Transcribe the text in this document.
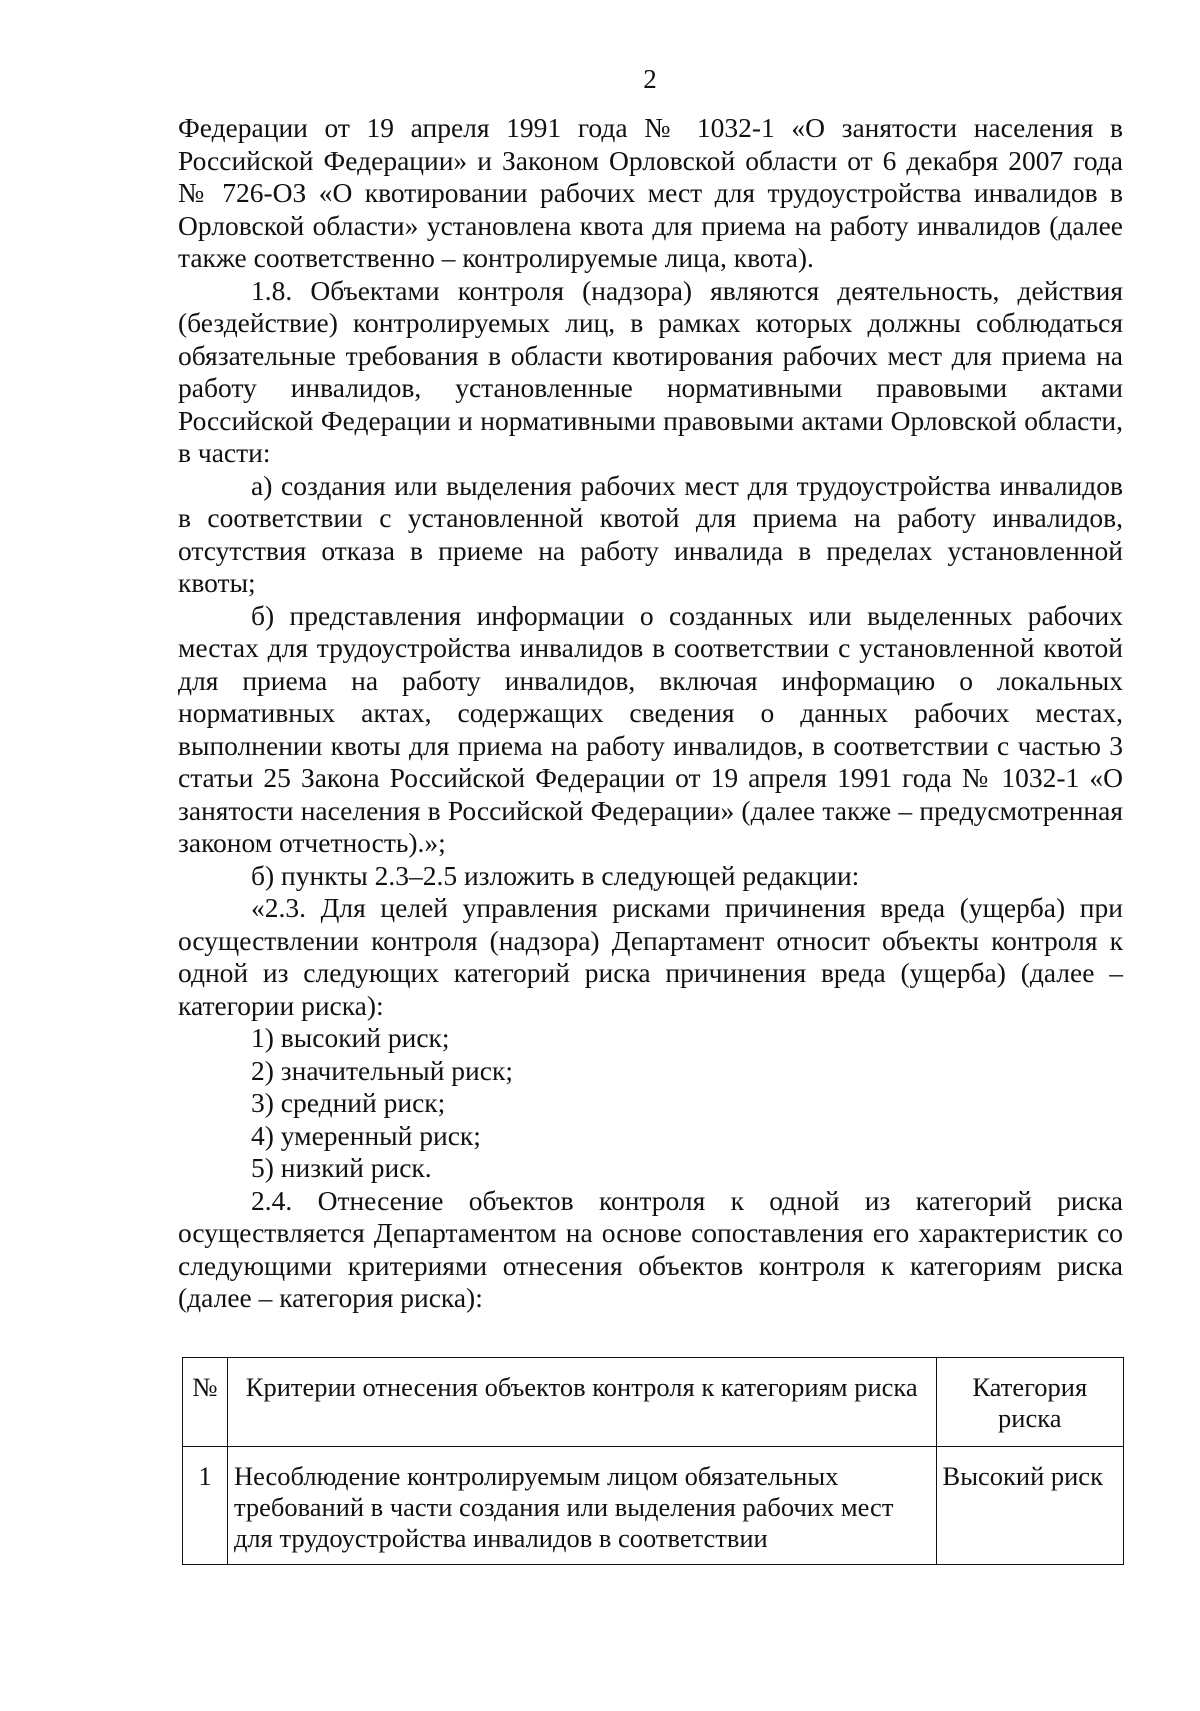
2

Федерации от 19 апреля 1991 года № 1032-1 «О занятости населения в Российской Федерации» и Законом Орловской области от 6 декабря 2007 года № 726-ОЗ «О квотировании рабочих мест для трудоустройства инвалидов в Орловской области» установлена квота для приема на работу инвалидов (далее также соответственно – контролируемые лица, квота).

1.8. Объектами контроля (надзора) являются деятельность, действия (бездействие) контролируемых лиц, в рамках которых должны соблюдаться обязательные требования в области квотирования рабочих мест для приема на работу инвалидов, установленные нормативными правовыми актами Российской Федерации и нормативными правовыми актами Орловской области, в части:

а) создания или выделения рабочих мест для трудоустройства инвалидов в соответствии с установленной квотой для приема на работу инвалидов, отсутствия отказа в приеме на работу инвалида в пределах установленной квоты;

б) представления информации о созданных или выделенных рабочих местах для трудоустройства инвалидов в соответствии с установленной квотой для приема на работу инвалидов, включая информацию о локальных нормативных актах, содержащих сведения о данных рабочих местах, выполнении квоты для приема на работу инвалидов, в соответствии с частью 3 статьи 25 Закона Российской Федерации от 19 апреля 1991 года № 1032-1 «О занятости населения в Российской Федерации» (далее также – предусмотренная законом отчетность).»;

б) пункты 2.3–2.5 изложить в следующей редакции:

«2.3. Для целей управления рисками причинения вреда (ущерба) при осуществлении контроля (надзора) Департамент относит объекты контроля к одной из следующих категорий риска причинения вреда (ущерба) (далее – категории риска):

1) высокий риск;

2) значительный риск;

3) средний риск;

4) умеренный риск;

5) низкий риск.

2.4. Отнесение объектов контроля к одной из категорий риска осуществляется Департаментом на основе сопоставления его характеристик со следующими критериями отнесения объектов контроля к категориям риска (далее – категория риска):

№	Критерии отнесения объектов контроля к категориям риска	Категория риска
1	Несоблюдение контролируемым лицом обязательных требований в части создания или выделения рабочих мест для трудоустройства инвалидов в соответствии	Высокий риск
